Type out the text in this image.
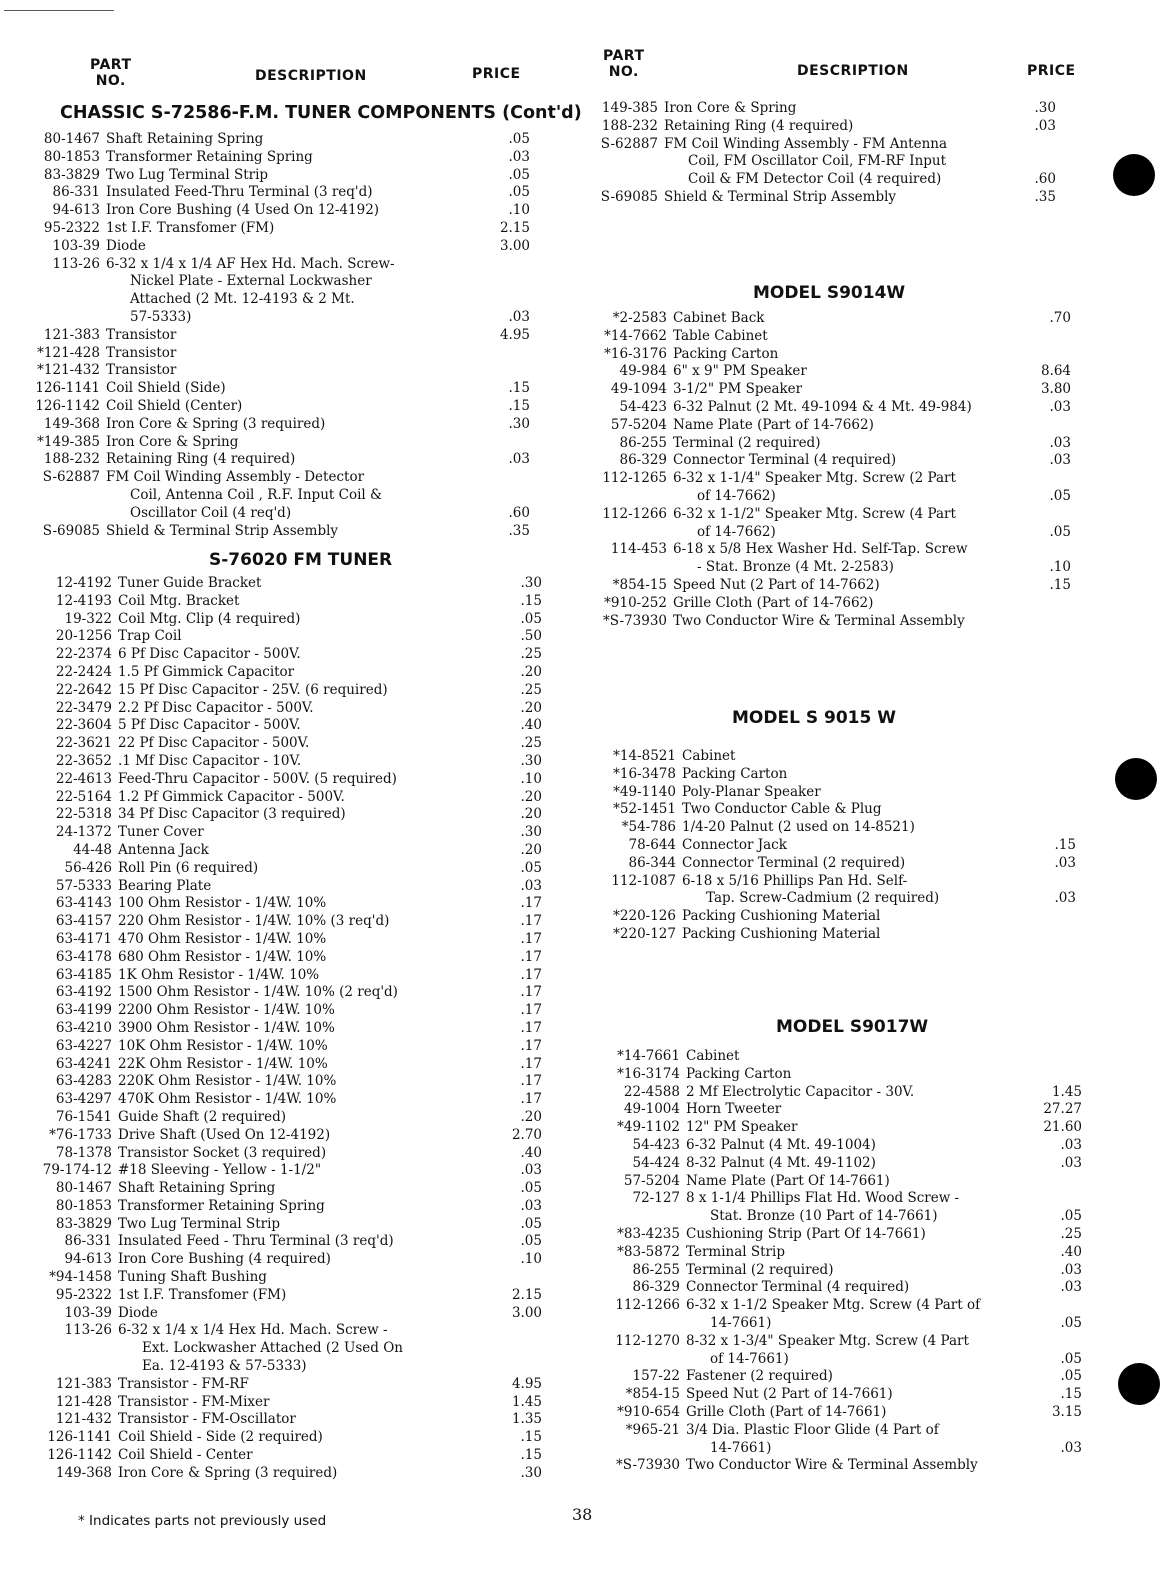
PART
NO.	DESCRIPTION	PRICE
PART
NO.	DESCRIPTION	PRICE
CHASSIC S-72586-F.M. TUNER COMPONENTS (Cont'd)
S-76020 FM TUNER
MODEL S9014W
MODEL S 9015 W
MODEL S9017W
80-1467 Shaft Retaining Spring	.05
80-1853 Transformer Retaining Spring	.03
83-3829 Two Lug Terminal Strip	.05
86-331 Insulated Feed-Thru Terminal (3 req'd)	.05
94-613 Iron Core Bushing (4 Used On 12-4192)	.10
95-2322 1st I.F. Transfomer (FM)	2.15
103-39 Diode	3.00
113-26 6-32 x 1/4 x 1/4 AF Hex Hd. Mach. Screw-
Nickel Plate - External Lockwasher
Attached (2 Mt. 12-4193 & 2 Mt.
57-5333)	.03
121-383 Transistor	4.95
*121-428 Transistor
*121-432 Transistor
126-1141 Coil Shield (Side)	.15
126-1142 Coil Shield (Center)	.15
149-368 Iron Core & Spring (3 required)	.30
*149-385 Iron Core & Spring
188-232 Retaining Ring (4 required)	.03
S-62887 FM Coil Winding Assembly - Detector
Coil, Antenna Coil , R.F. Input Coil &
Oscillator Coil (4 req'd)	.60
S-69085 Shield & Terminal Strip Assembly	.35
12-4192 Tuner Guide Bracket	.30
12-4193 Coil Mtg. Bracket	.15
19-322 Coil Mtg. Clip (4 required)	.05
20-1256 Trap Coil	.50
22-2374 6 Pf Disc Capacitor - 500V.	.25
22-2424 1.5 Pf Gimmick Capacitor	.20
22-2642 15 Pf Disc Capacitor - 25V. (6 required)	.25
22-3479 2.2 Pf Disc Capacitor - 500V.	.20
22-3604 5 Pf Disc Capacitor - 500V.	.40
22-3621 22 Pf Disc Capacitor - 500V.	.25
22-3652 .1 Mf Disc Capacitor - 10V.	.30
22-4613 Feed-Thru Capacitor - 500V. (5 required)	.10
22-5164 1.2 Pf Gimmick Capacitor - 500V.	.20
22-5318 34 Pf Disc Capacitor (3 required)	.20
24-1372 Tuner Cover	.30
44-48 Antenna Jack	.20
56-426 Roll Pin (6 required)	.05
57-5333 Bearing Plate	.03
63-4143 100 Ohm Resistor - 1/4W. 10%	.17
63-4157 220 Ohm Resistor - 1/4W. 10% (3 req'd)	.17
63-4171 470 Ohm Resistor - 1/4W. 10%	.17
63-4178 680 Ohm Resistor - 1/4W. 10%	.17
63-4185 1K Ohm Resistor - 1/4W. 10%	.17
63-4192 1500 Ohm Resistor - 1/4W. 10% (2 req'd)	.17
63-4199 2200 Ohm Resistor - 1/4W. 10%	.17
63-4210 3900 Ohm Resistor - 1/4W. 10%	.17
63-4227 10K Ohm Resistor - 1/4W. 10%	.17
63-4241 22K Ohm Resistor - 1/4W. 10%	.17
63-4283 220K Ohm Resistor - 1/4W. 10%	.17
63-4297 470K Ohm Resistor - 1/4W. 10%	.17
76-1541 Guide Shaft (2 required)	.20
*76-1733 Drive Shaft (Used On 12-4192)	2.70
78-1378 Transistor Socket (3 required)	.40
79-174-12 #18 Sleeving - Yellow - 1-1/2"	.03
80-1467 Shaft Retaining Spring	.05
80-1853 Transformer Retaining Spring	.03
83-3829 Two Lug Terminal Strip	.05
86-331 Insulated Feed - Thru Terminal (3 req'd)	.05
94-613 Iron Core Bushing (4 required)	.10
*94-1458 Tuning Shaft Bushing
95-2322 1st I.F. Transfomer (FM)	2.15
103-39 Diode	3.00
113-26 6-32 x 1/4 x 1/4 Hex Hd. Mach. Screw -
Ext. Lockwasher Attached (2 Used On
Ea. 12-4193 & 57-5333)
121-383 Transistor - FM-RF	4.95
121-428 Transistor - FM-Mixer	1.45
121-432 Transistor - FM-Oscillator	1.35
126-1141 Coil Shield - Side (2 required)	.15
126-1142 Coil Shield - Center	.15
149-368 Iron Core & Spring (3 required)	.30
149-385 Iron Core & Spring	.30
188-232 Retaining Ring (4 required)	.03
S-62887 FM Coil Winding Assembly - FM Antenna
Coil, FM Oscillator Coil, FM-RF Input
Coil & FM Detector Coil (4 required)	.60
S-69085 Shield & Terminal Strip Assembly	.35
*2-2583 Cabinet Back	.70
*14-7662 Table Cabinet
*16-3176 Packing Carton
49-984 6" x 9" PM Speaker	8.64
49-1094 3-1/2" PM Speaker	3.80
54-423 6-32 Palnut (2 Mt. 49-1094 & 4 Mt. 49-984)	.03
57-5204 Name Plate (Part of 14-7662)
86-255 Terminal (2 required)	.03
86-329 Connector Terminal (4 required)	.03
112-1265 6-32 x 1-1/4" Speaker Mtg. Screw (2 Part
of 14-7662)	.05
112-1266 6-32 x 1-1/2" Speaker Mtg. Screw (4 Part
of 14-7662)	.05
114-453 6-18 x 5/8 Hex Washer Hd. Self-Tap. Screw
- Stat. Bronze (4 Mt. 2-2583)	.10
*854-15 Speed Nut (2 Part of 14-7662)	.15
*910-252 Grille Cloth (Part of 14-7662)
*S-73930 Two Conductor Wire & Terminal Assembly
*14-8521 Cabinet
*16-3478 Packing Carton
*49-1140 Poly-Planar Speaker
*52-1451 Two Conductor Cable & Plug
*54-786 1/4-20 Palnut (2 used on 14-8521)
78-644 Connector Jack	.15
86-344 Connector Terminal (2 required)	.03
112-1087 6-18 x 5/16 Phillips Pan Hd. Self-
Tap. Screw-Cadmium (2 required)	.03
*220-126 Packing Cushioning Material
*220-127 Packing Cushioning Material
*14-7661 Cabinet
*16-3174 Packing Carton
22-4588 2 Mf Electrolytic Capacitor - 30V.	1.45
49-1004 Horn Tweeter	27.27
*49-1102 12" PM Speaker	21.60
54-423 6-32 Palnut (4 Mt. 49-1004)	.03
54-424 8-32 Palnut (4 Mt. 49-1102)	.03
57-5204 Name Plate (Part Of 14-7661)
72-127 8 x 1-1/4 Phillips Flat Hd. Wood Screw -
Stat. Bronze (10 Part of 14-7661)	.05
*83-4235 Cushioning Strip (Part Of 14-7661)	.25
*83-5872 Terminal Strip	.40
86-255 Terminal (2 required)	.03
86-329 Connector Terminal (4 required)	.03
112-1266 6-32 x 1-1/2 Speaker Mtg. Screw (4 Part of
14-7661)	.05
112-1270 8-32 x 1-3/4" Speaker Mtg. Screw (4 Part
of 14-7661)	.05
157-22 Fastener (2 required)	.05
*854-15 Speed Nut (2 Part of 14-7661)	.15
*910-654 Grille Cloth (Part of 14-7661)	3.15
*965-21 3/4 Dia. Plastic Floor Glide (4 Part of
14-7661)	.03
*S-73930 Two Conductor Wire & Terminal Assembly
38
* Indicates parts not previously used
